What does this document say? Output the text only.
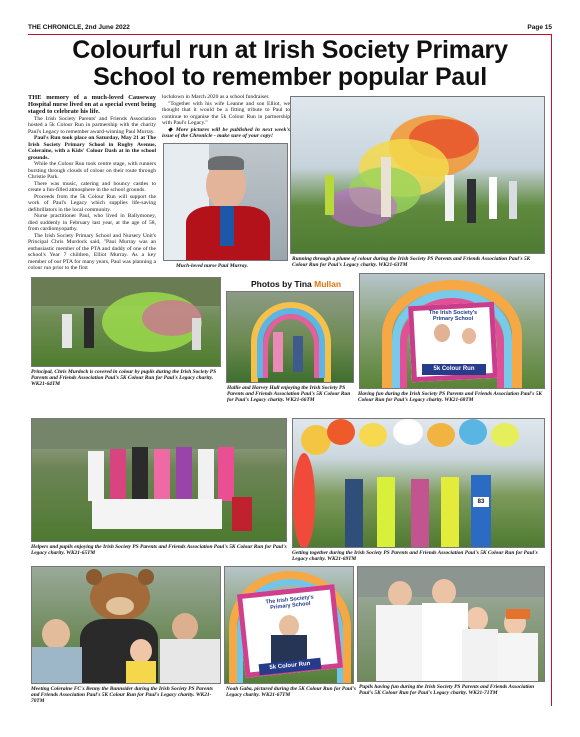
THE CHRONICLE, 2nd June 2022	Page 15
Colourful run at Irish Society Primary
School to remember popular Paul

THE memory of a much-loved Causeway Hospital nurse lived on at a special event being staged to celebrate his life.

The Irish Society Parents' and Friends Association hosted a 5k Colour Run in partnership with the charity Paul's Legacy to remember award-winning Paul Murray.

Paul's Run took place on Saturday, May 21 at The Irish Society Primary School in Rugby Avenue, Coleraine, with a Kids' Colour Dash at in the school grounds.

While the Colour Run took centre stage, with runners bursting through clouds of colour on their route through Christie Park.

There was music, catering and bouncy castles to create a fun-filled atmosphere in the school grounds.

Proceeds from the 5k Colour Run will support the work of Paul's Legacy which supplies life-saving defibrillators in the local community.

Nurse practitioner Paul, who lived in Ballymoney, died suddenly in February last year, at the age of 58, from cardiomyopathy.

The Irish Society Primary School and Nursery Unit's Principal Chris Murdock said, "Paul Murray was an enthusiastic member of the PTA and daddy of one of the school's Year 7 children, Elliot Murray. As a key member of our PTA for many years, Paul was planning a colour run prior to the first

lockdown in March 2020 as a school fundraiser.

"Together with his wife Leanne and son Elliot, we thought that it would be a fitting tribute to Paul to continue to organise the 5k Colour Run in partnership with Paul's Legacy."

◆ More pictures will be published in next week's issue of the Chronicle - make sure of your copy!

Much-loved nurse Paul Murray.
Running through a plume of colour during the Irish Society PS Parents and Friends Association Paul's 5K Colour Run for Paul's Legacy charity. WK21-63TM
Principal, Chris Murdock is covered in colour by pupils during the Irish Society PS Parents and Friends Association Paul's 5K Colour Run for Paul's Legacy charity. WK21-64TM
Photos by Tina Mullan
Hallie and Harvey Hull enjoying the Irish Society PS Parents and Friends Association Paul's 5K Colour Run for Paul's Legacy charity. WK21-66TM
The Irish Society's Primary School
5k Colour Run
Having fun during the Irish Society PS Parents and Friends Association Paul's 5K Colour Run for Paul's Legacy charity. WK21-68TM
Helpers and pupils enjoying the Irish Society PS Parents and Friends Association Paul's 5K Colour Run for Paul's Legacy charity. WK21-65TM
83
Getting together during the Irish Society PS Parents and Friends Association Paul's 5K Colour Run for Paul's Legacy charity. WK21-69TM
Meeting Coleraine FC's Benny the Bannsider during the Irish Society PS Parents and Friends Association Paul's 5K Colour Run for Paul's Legacy charity. WK21-70TM
The Irish Society's Primary School
5k Colour Run
Noah Gaba, pictured during the 5K Colour Run for Paul's Legacy charity. WK21-67TM
Pupils having fun during the Irish Society PS Parents and Friends Association Paul's 5K Colour Run for Paul's Legacy charity. WK21-71TM
